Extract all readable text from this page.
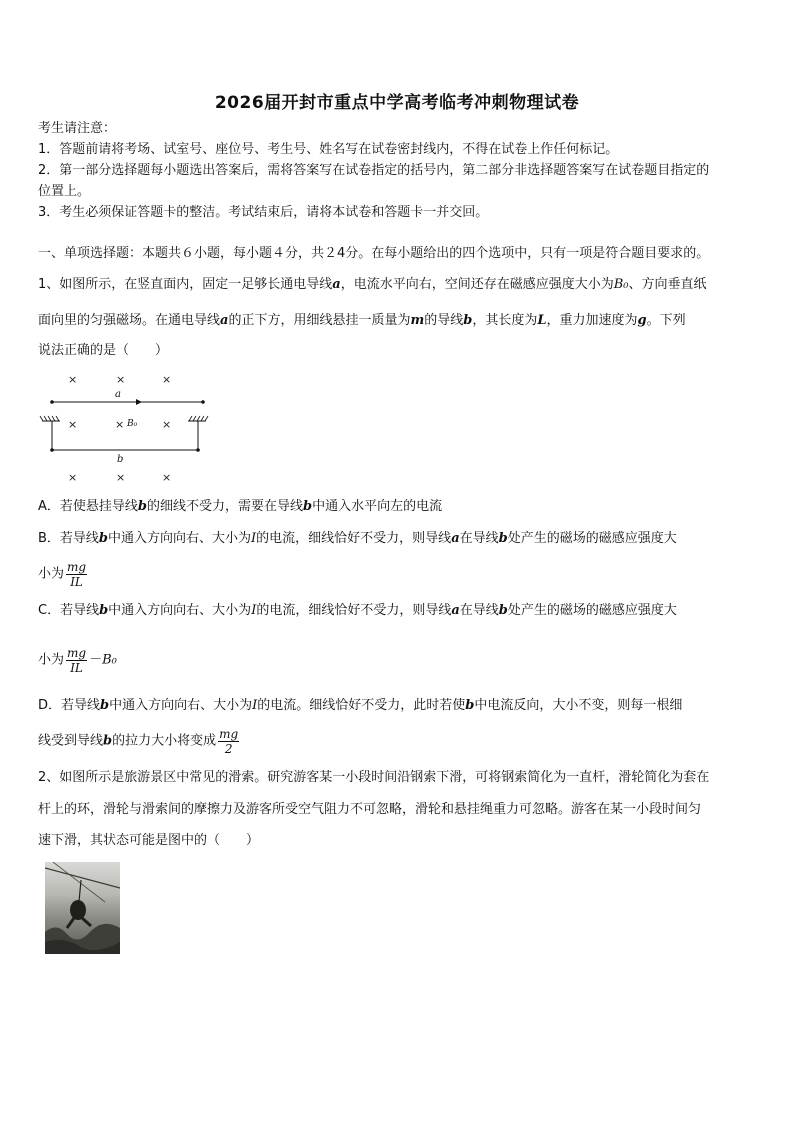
2026届开封市重点中学高考临考冲刺物理试卷
考生请注意：
1．答题前请将考场、试室号、座位号、考生号、姓名写在试卷密封线内，不得在试卷上作任何标记。
2．第一部分选择题每小题选出答案后，需将答案写在试卷指定的括号内，第二部分非选择题答案写在试卷题目指定的
位置上。
3．考生必须保证答题卡的整洁。考试结束后，请将本试卷和答题卡一并交回。
一、单项选择题：本题共６小题，每小题４分，共２4分。在每小题给出的四个选项中，只有一项是符合题目要求的。
1、如图所示，在竖直面内，固定一足够长通电导线a，电流水平向右，空间还存在磁感应强度大小为B₀、方向垂直纸
面向里的匀强磁场。在通电导线a的正下方，用细线悬挂一质量为m的导线b，其长度为L，重力加速度为g。下列
说法正确的是（　　）
×	×	×
×	×	×
×	×	×
a
b
B₀
A．若使悬挂导线b的细线不受力，需要在导线b中通入水平向左的电流
B．若导线b中通入方向向右、大小为I的电流，细线恰好不受力，则导线a在导线b处产生的磁场的磁感应强度大
小为 $\frac{mg}{IL}$
C．若导线b中通入方向向右、大小为I的电流，细线恰好不受力，则导线a在导线b处产生的磁场的磁感应强度大
小为 $\frac{mg}{IL} -B_0$
D．若导线b中通入方向向右、大小为I的电流。细线恰好不受力，此时若使b中电流反向，大小不变，则每一根细
线受到导线b的拉力大小将变成 $\frac{mg}{2}$
2、如图所示是旅游景区中常见的滑索。研究游客某一小段时间沿钢索下滑，可将钢索简化为一直杆，滑轮简化为套在
杆上的环，滑轮与滑索间的摩擦力及游客所受空气阻力不可忽略，滑轮和悬挂绳重力可忽略。游客在某一小段时间匀
速下滑，其状态可能是图中的（　　）
